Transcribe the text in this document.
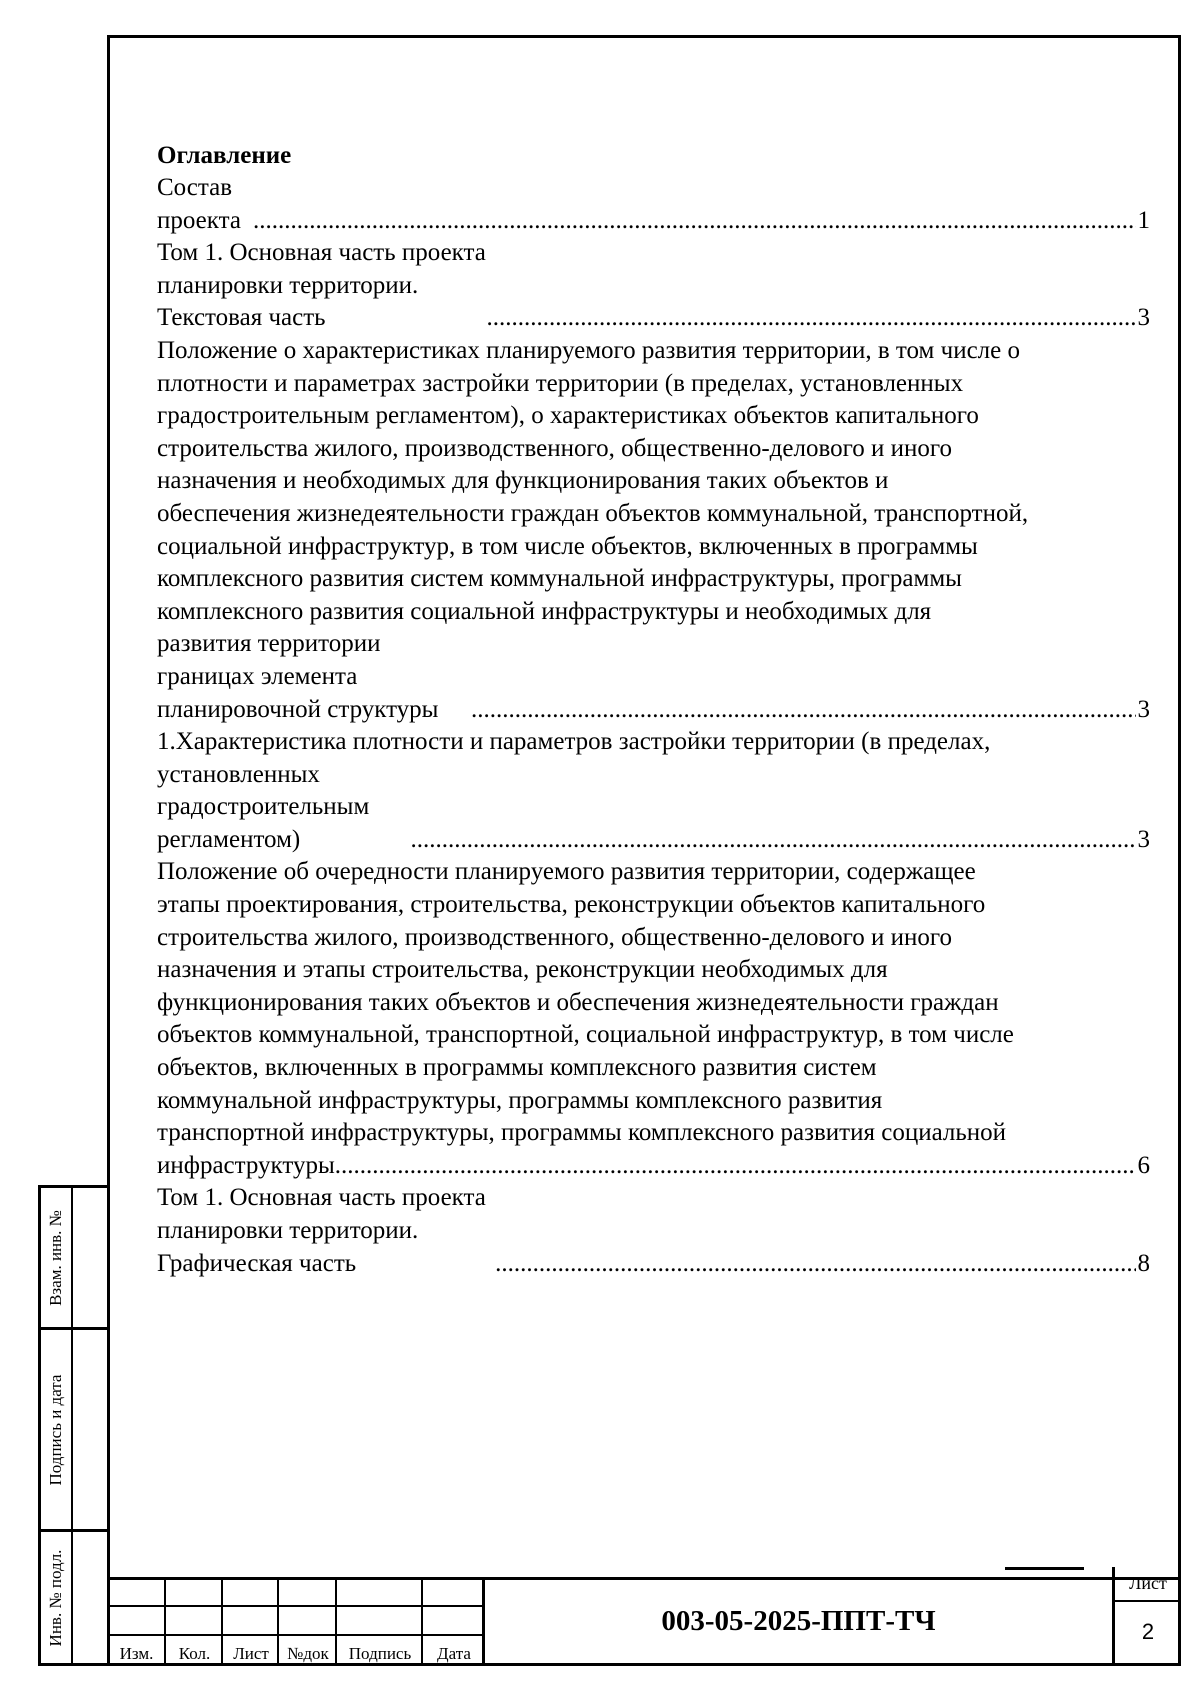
Оглавление
Состав проекта .....	1
Том 1. Основная часть проекта планировки территории. Текстовая часть .....	3
Положение о характеристиках планируемого развития территории, в том числе о
плотности и параметрах застройки территории (в пределах, установленных
градостроительным регламентом), о характеристиках объектов капитального
строительства жилого, производственного, общественно-делового и иного
назначения и необходимых для функционирования таких объектов и
обеспечения жизнедеятельности граждан объектов коммунальной, транспортной,
социальной инфраструктур, в том числе объектов, включенных в программы
комплексного развития систем коммунальной инфраструктуры, программы
комплексного развития социальной инфраструктуры и необходимых для
развития территории границах элемента планировочной структуры .....	3
1.Характеристика плотности и параметров застройки территории (в пределах,
установленных градостроительным регламентом) .....	3
Положение об очередности планируемого развития территории, содержащее
этапы проектирования, строительства, реконструкции объектов капитального
строительства жилого, производственного, общественно-делового и иного
назначения и этапы строительства, реконструкции необходимых для
функционирования таких объектов и обеспечения жизнедеятельности граждан
объектов коммунальной, транспортной, социальной инфраструктур, в том числе
объектов, включенных в программы комплексного развития систем
коммунальной инфраструктуры, программы комплексного развития
транспортной инфраструктуры, программы комплексного развития социальной
инфраструктуры .....	6
Том 1. Основная часть проекта планировки территории. Графическая часть .....	8
Взам. инв. №
Подпись и дата
Инв. № подл.
Изм.	Кол.	Лист	№док	Подпись	Дата
003-05-2025-ППТ-ТЧ
Лист
2
